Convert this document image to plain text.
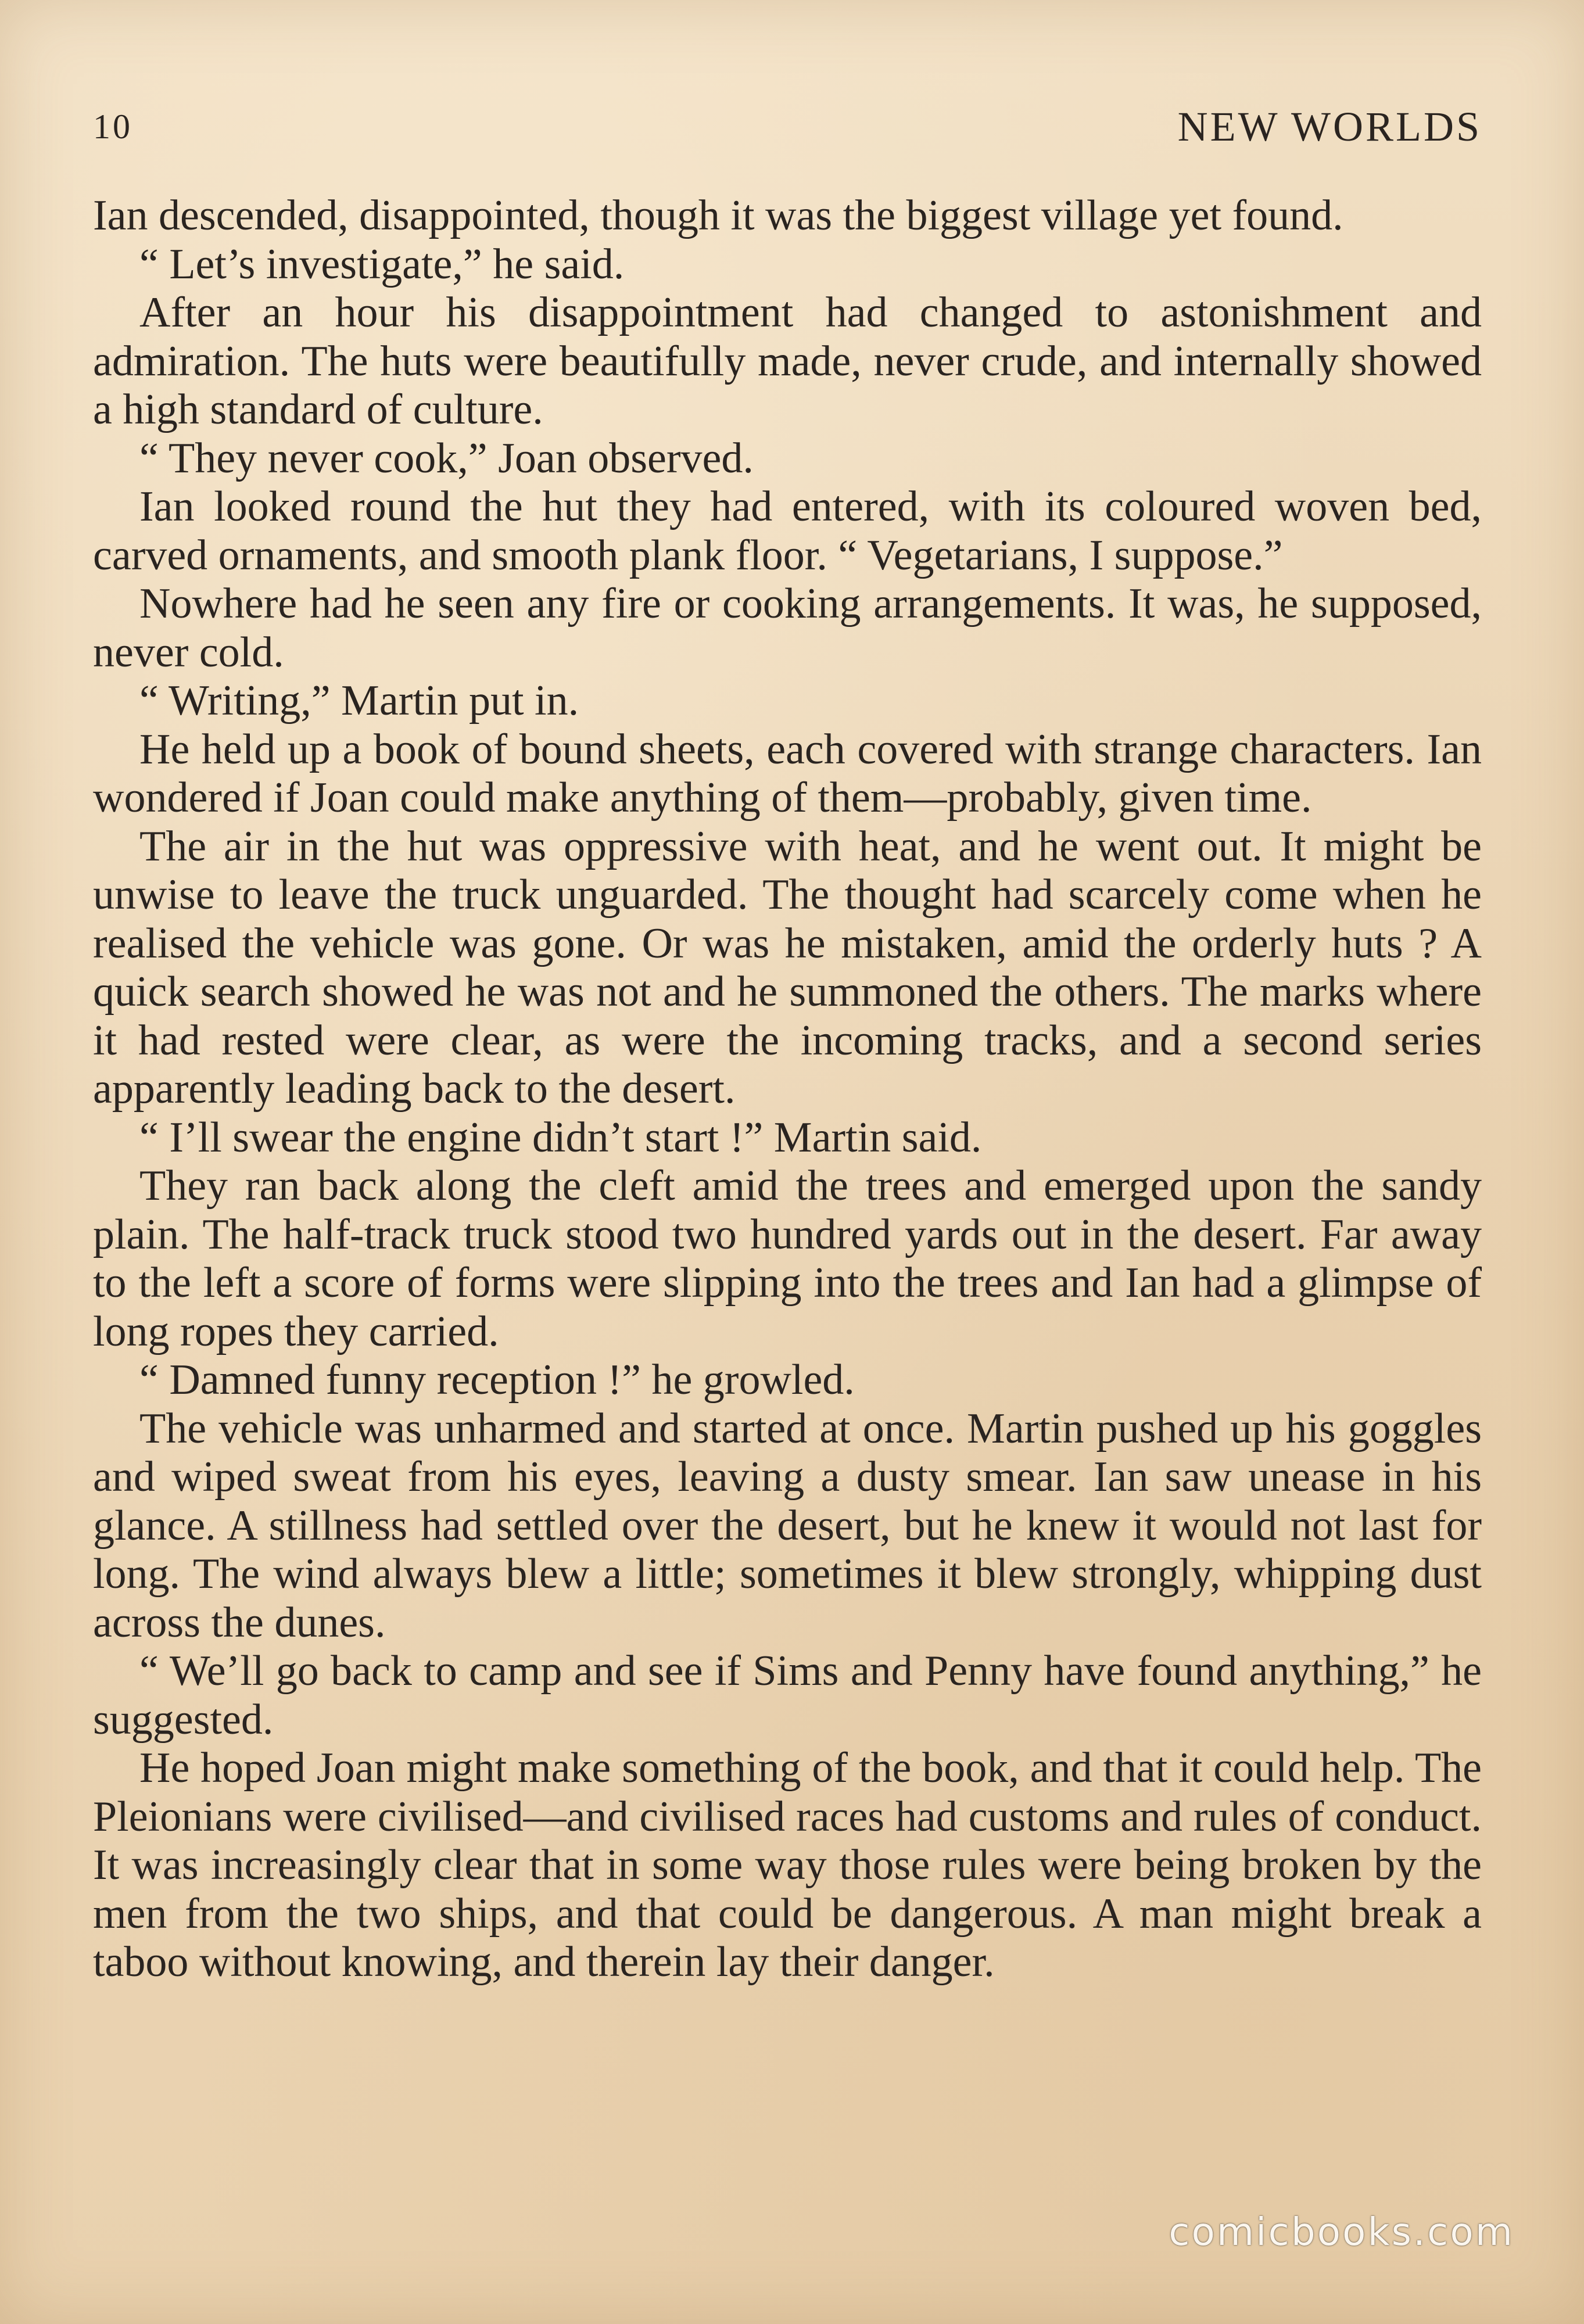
10	NEW WORLDS

Ian descended, disappointed, though it was the biggest village yet found.

“ Let’s investigate,” he said.

After an hour his disappointment had changed to astonishment and admiration. The huts were beautifully made, never crude, and internally showed a high standard of culture.

“ They never cook,” Joan observed.

Ian looked round the hut they had entered, with its coloured woven bed, carved ornaments, and smooth plank floor. “ Vegetarians, I suppose.”

Nowhere had he seen any fire or cooking arrangements. It was, he supposed, never cold.

“ Writing,” Martin put in.

He held up a book of bound sheets, each covered with strange characters. Ian wondered if Joan could make anything of them—probably, given time.

The air in the hut was oppressive with heat, and he went out. It might be unwise to leave the truck unguarded. The thought had scarcely come when he realised the vehicle was gone. Or was he mistaken, amid the orderly huts ? A quick search showed he was not and he summoned the others. The marks where it had rested were clear, as were the incoming tracks, and a second series apparently leading back to the desert.

“ I’ll swear the engine didn’t start !” Martin said.

They ran back along the cleft amid the trees and emerged upon the sandy plain. The half-track truck stood two hundred yards out in the desert. Far away to the left a score of forms were slipping into the trees and Ian had a glimpse of long ropes they carried.

“ Damned funny reception !” he growled.

The vehicle was unharmed and started at once. Martin pushed up his goggles and wiped sweat from his eyes, leaving a dusty smear. Ian saw unease in his glance. A stillness had settled over the desert, but he knew it would not last for long. The wind always blew a little; sometimes it blew strongly, whipping dust across the dunes.

“ We’ll go back to camp and see if Sims and Penny have found anything,” he suggested.

He hoped Joan might make something of the book, and that it could help. The Pleionians were civilised—and civilised races had customs and rules of conduct. It was increasingly clear that in some way those rules were being broken by the men from the two ships, and that could be dangerous. A man might break a taboo without knowing, and therein lay their danger.

comicbooks.com
